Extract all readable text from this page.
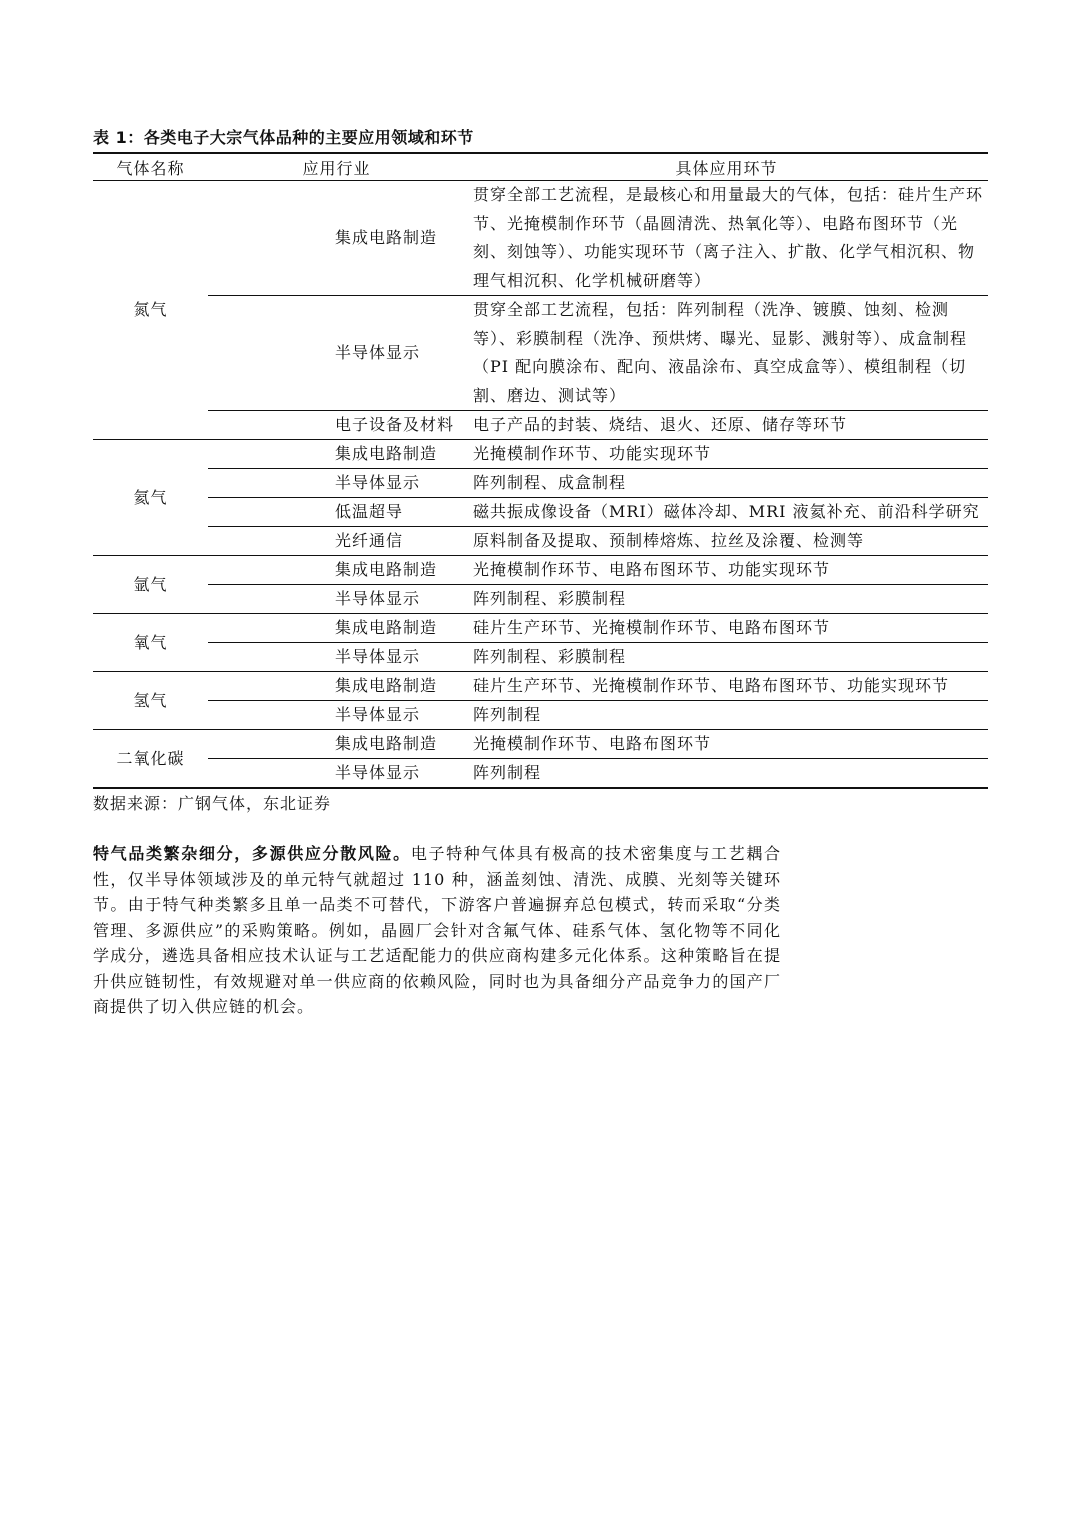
表 1：各类电子大宗气体品种的主要应用领域和环节
气体名称	应用行业	具体应用环节
氮气	集成电路制造	贯穿全部工艺流程，是最核心和用量最大的气体，包括：硅片生产环节、光掩模制作环节（晶圆清洗、热氧化等）、电路布图环节（光刻、刻蚀等）、功能实现环节（离子注入、扩散、化学气相沉积、物理气相沉积、化学机械研磨等）
	半导体显示	贯穿全部工艺流程，包括：阵列制程（洗净、镀膜、蚀刻、检测等）、彩膜制程（洗净、预烘烤、曝光、显影、溅射等）、成盒制程（PI 配向膜涂布、配向、液晶涂布、真空成盒等）、模组制程（切割、磨边、测试等）
	电子设备及材料	电子产品的封装、烧结、退火、还原、储存等环节
氦气	集成电路制造	光掩模制作环节、功能实现环节
	半导体显示	阵列制程、成盒制程
	低温超导	磁共振成像设备（MRI）磁体冷却、MRI 液氦补充、前沿科学研究
	光纤通信	原料制备及提取、预制棒熔炼、拉丝及涂覆、检测等
氩气	集成电路制造	光掩模制作环节、电路布图环节、功能实现环节
	半导体显示	阵列制程、彩膜制程
氧气	集成电路制造	硅片生产环节、光掩模制作环节、电路布图环节
	半导体显示	阵列制程、彩膜制程
氢气	集成电路制造	硅片生产环节、光掩模制作环节、电路布图环节、功能实现环节
	半导体显示	阵列制程
二氧化碳	集成电路制造	光掩模制作环节、电路布图环节
	半导体显示	阵列制程
数据来源：广钢气体，东北证券
特气品类繁杂细分，多源供应分散风险。电子特种气体具有极高的技术密集度与工艺耦合性，仅半导体领域涉及的单元特气就超过 110 种，涵盖刻蚀、清洗、成膜、光刻等关键环节。由于特气种类繁多且单一品类不可替代，下游客户普遍摒弃总包模式，转而采取“分类管理、多源供应”的采购策略。例如，晶圆厂会针对含氟气体、硅系气体、氢化物等不同化学成分，遴选具备相应技术认证与工艺适配能力的供应商构建多元化体系。这种策略旨在提升供应链韧性，有效规避对单一供应商的依赖风险，同时也为具备细分产品竞争力的国产厂商提供了切入供应链的机会。
